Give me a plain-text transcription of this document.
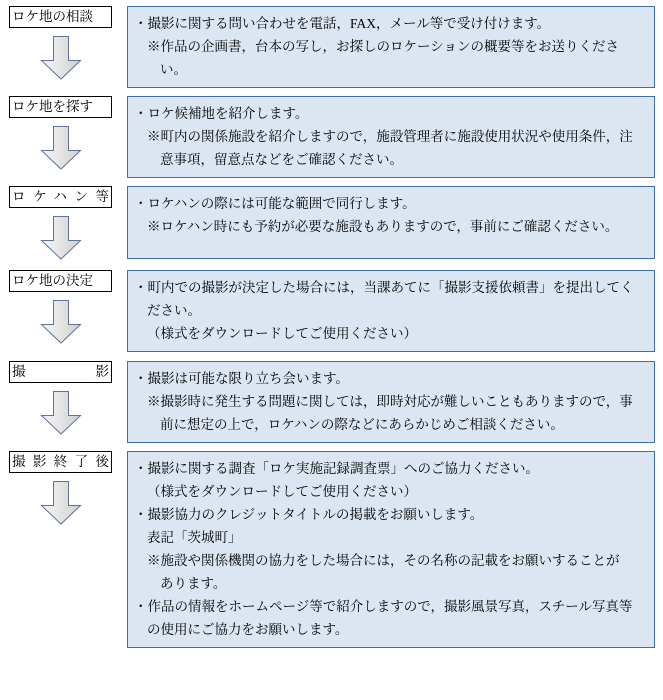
ロケ地の相談	・撮影に関する問い合わせを電話，FAX，メール等で受け付けます。
※作品の企画書，台本の写し，お探しのロケーションの概要等をお送りくださ
い。
ロケ地を探す	・ロケ候補地を紹介します。
※町内の関係施設を紹介しますので，施設管理者に施設使用状況や使用条件，注
意事項，留意点などをご確認ください。
ロケハン等 ・ロケハンの際には可能な範囲で同行します。
※ロケハン時にも予約が必要な施設もありますので，事前にご確認ください。
ロケ地の決定	・町内での撮影が決定した場合には，当課あてに「撮影支援依頼書」を提出してく
ださい。
（様式をダウンロードしてご使用ください）
撮影 ・撮影は可能な限り立ち会います。
※撮影時に発生する問題に関しては，即時対応が難しいこともありますので，事
前に想定の上で，ロケハンの際などにあらかじめご相談ください。
撮影終了後 ・撮影に関する調査「ロケ実施記録調査票」へのご協力ください。
（様式をダウンロードしてご使用ください）
・撮影協力のクレジットタイトルの掲載をお願いします。
表記「茨城町」
※施設や関係機関の協力をした場合には，その名称の記載をお願いすることが
あります。
・作品の情報をホームページ等で紹介しますので，撮影風景写真，スチール写真等
の使用にご協力をお願いします。
